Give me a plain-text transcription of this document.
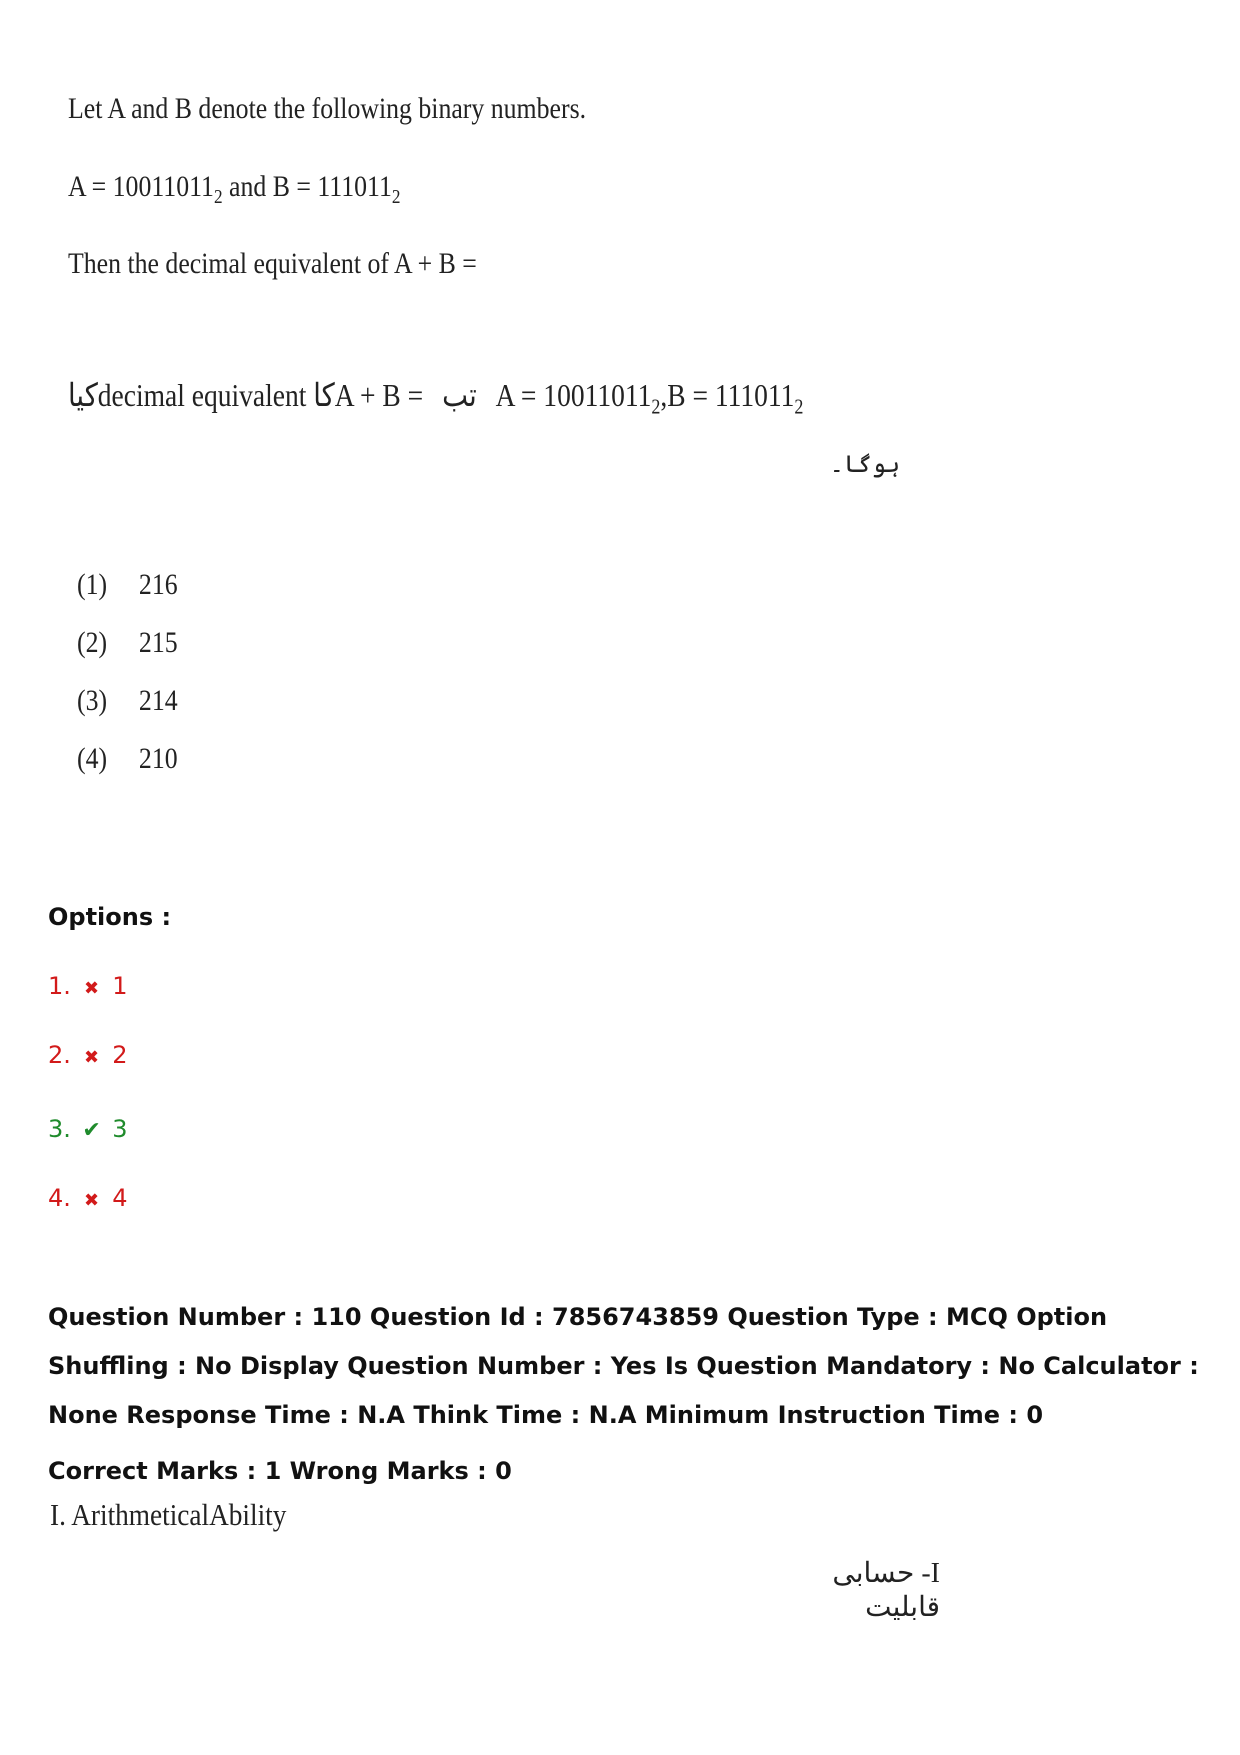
Let A and B denote the following binary numbers.
$A = 10011011_2$ and $B = 111011_2$
Then the decimal equivalent of A + B =
کیاdecimal equivalent کاA + B = تب $A = 10011011_2,B = 111011_2$
ہوگا۔
(1) 216
(2) 215
(3) 214
(4) 210
Options :
1. ✖ 1
2. ✖ 2
3. ✔ 3
4. ✖ 4
Question Number : 110 Question Id : 7856743859 Question Type : MCQ Option Shuffling : No Display Question Number : Yes Is Question Mandatory : No Calculator : None Response Time : N.A Think Time : N.A Minimum Instruction Time : 0
Correct Marks : 1 Wrong Marks : 0
I. ArithmeticalAbility
I- حسابی قابلیت
